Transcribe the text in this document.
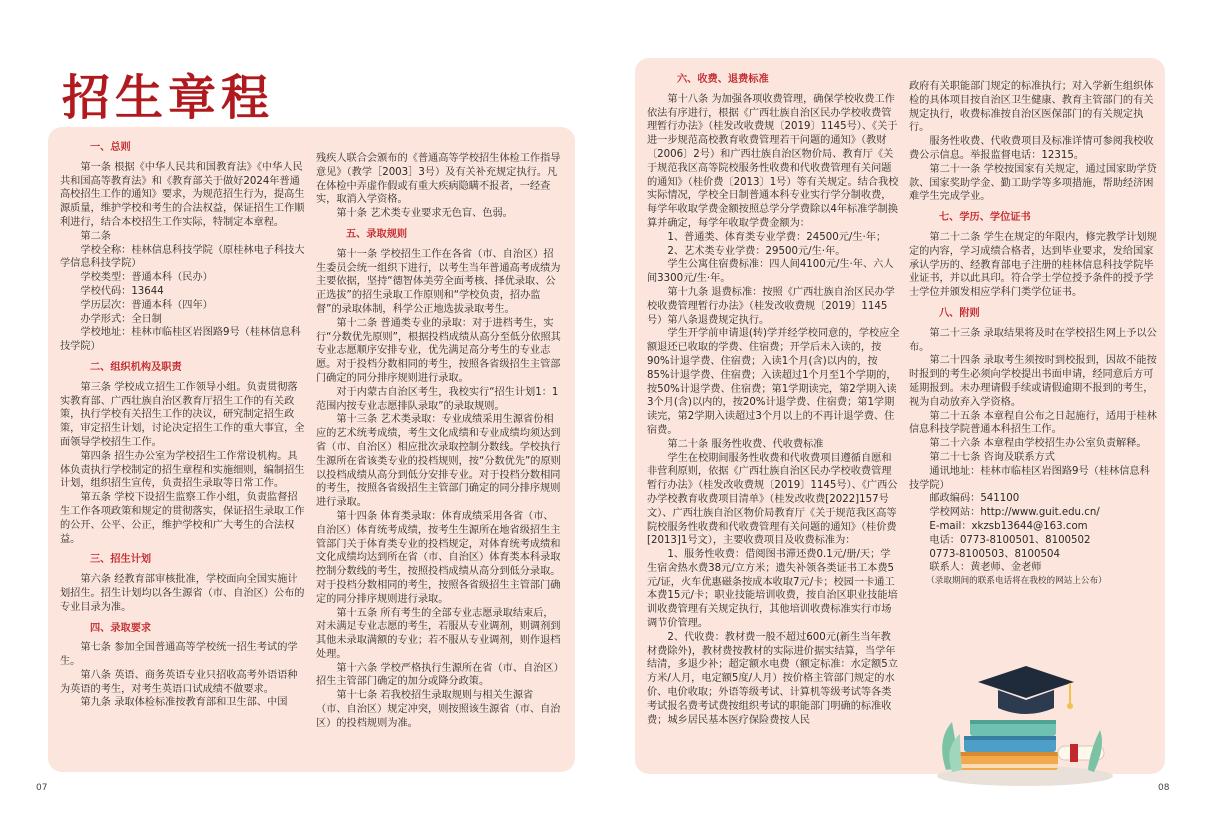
招生章程
一、总则

第一条 根据《中华人民共和国教育法》《中华人民共和国高等教育法》和《教育部关于做好2024年普通高校招生工作的通知》要求，为规范招生行为，提高生源质量，维护学校和考生的合法权益，保证招生工作顺利进行，结合本校招生工作实际，特制定本章程。

第二条

学校全称：桂林信息科技学院（原桂林电子科技大学信息科技学院）

学校类型：普通本科（民办）

学校代码：13644

学历层次：普通本科（四年）

办学形式：全日制

学校地址：桂林市临桂区岩图路9号（桂林信息科技学院）

二、组织机构及职责

第三条 学校成立招生工作领导小组。负责贯彻落实教育部、广西壮族自治区教育厅招生工作的有关政策，执行学校有关招生工作的决议，研究制定招生政策，审定招生计划，讨论决定招生工作的重大事宜，全面领导学校招生工作。

第四条 招生办公室为学校招生工作常设机构。具体负责执行学校制定的招生章程和实施细则，编制招生计划，组织招生宣传，负责招生录取等日常工作。

第五条 学校下设招生监察工作小组，负责监督招生工作各项政策和规定的贯彻落实，保证招生录取工作的公开、公平、公正，维护学校和广大考生的合法权益。

三、招生计划

第六条 经教育部审核批准，学校面向全国实施计划招生。招生计划均以各生源省（市、自治区）公布的专业目录为准。

四、录取要求

第七条 参加全国普通高等学校统一招生考试的学生。

第八条 英语、商务英语专业只招收高考外语语种为英语的考生，对考生英语口试成绩不做要求。

第九条 录取体检标准按教育部和卫生部、中国

残疾人联合会颁布的《普通高等学校招生体检工作指导意见》（教学［2003］3号）及有关补充规定执行。凡在体检中弄虚作假或有重大疾病隐瞒不报者，一经查实，取消入学资格。

第十条 艺术类专业要求无色盲、色弱。

五、录取规则

第十一条 学校招生工作在各省（市、自治区）招生委员会统一组织下进行，以考生当年普通高考成绩为主要依据，坚持“德智体美劳全面考核、择优录取、公正选拔”的招生录取工作原则和“学校负责，招办监督”的录取体制，科学公正地选拔录取考生。

第十二条 普通类专业的录取：对于进档考生，实行“分数优先原则”，根据投档成绩从高分至低分依照其专业志愿顺序安排专业，优先满足高分考生的专业志愿。对于投档分数相同的考生，按照各省级招生主管部门确定的同分排序规则进行录取。

对于内蒙古自治区考生，我校实行“招生计划1：1范围内按专业志愿排队录取”的录取规则。

第十三条 艺术类录取：专业成绩采用生源省份相应的艺术统考成绩，考生文化成绩和专业成绩均须达到省（市、自治区）相应批次录取控制分数线。学校执行生源所在省该类专业的投档规则，按“分数优先”的原则以投档成绩从高分到低分安排专业。对于投档分数相同的考生，按照各省级招生主管部门确定的同分排序规则进行录取。

第十四条 体育类录取：体育成绩采用各省（市、自治区）体育统考成绩，按考生生源所在地省级招生主管部门关于体育类专业的投档规定，对体育统考成绩和文化成绩均达到所在省（市、自治区）体育类本科录取控制分数线的考生，按照投档成绩从高分到低分录取。对于投档分数相同的考生，按照各省级招生主管部门确定的同分排序规则进行录取。

第十五条 所有考生的全部专业志愿录取结束后，对未满足专业志愿的考生，若服从专业调剂，则调剂到其他未录取满额的专业；若不服从专业调剂，则作退档处理。

第十六条 学校严格执行生源所在省（市、自治区）招生主管部门确定的加分或降分政策。

第十七条 若我校招生录取规则与相关生源省（市、自治区）规定冲突，则按照该生源省（市、自治区）的投档规则为准。

07
六、收费、退费标准

第十八条 为加强各项收费管理，确保学校收费工作依法有序进行，根据《广西壮族自治区民办学校收费管理暂行办法》（桂发改收费规〔2019〕1145号）、《关于进一步规范高校教育收费管理若干问题的通知》（教财〔2006〕2号）和广西壮族自治区物价局、教育厅《关于规范我区高等院校服务性收费和代收费管理有关问题的通知》（桂价费〔2013〕1号）等有关规定。结合我校实际情况，学校全日制普通本科专业实行学分制收费，每学年收取学费金额按照总学分学费除以4年标准学制换算并确定，每学年收取学费金额为：

1、普通类、体育类专业学费：24500元/生·年；

2、艺术类专业学费：29500元/生·年。

学生公寓住宿费标准：四人间4100元/生·年、六人间3300元/生·年。

第十九条 退费标准：按照《广西壮族自治区民办学校收费管理暂行办法》（桂发改收费规〔2019〕1145号）第八条退费规定执行。

学生开学前申请退(转)学并经学校同意的，学校应全额退还已收取的学费、住宿费；开学后未入读的，按90%计退学费、住宿费；入读1个月(含)以内的，按85%计退学费、住宿费；入读超过1个月至1个学期的，按50%计退学费、住宿费；第1学期读完，第2学期入读3个月(含)以内的，按20%计退学费、住宿费；第1学期读完，第2学期入读超过3个月以上的不再计退学费、住宿费。

第二十条 服务性收费、代收费标准

学生在校期间服务性收费和代收费项目遵循自愿和非营利原则，依据《广西壮族自治区民办学校收费管理暂行办法》（桂发改收费规〔2019〕1145号）、《广西公办学校教育收费项目清单》（桂发改收费[2022]157号文）、广西壮族自治区物价局教育厅《关于规范我区高等院校服务性收费和代收费管理有关问题的通知》（桂价费[2013]1号文），主要收费项目及收费标准为：

1、服务性收费：借阅图书滞还费0.1元/册/天；学生宿舍热水费38元/立方米；遗失补领各类证书工本费5元/证，火车优惠磁条按成本收取7元/卡；校园一卡通工本费15元/卡；职业技能培训收费，按自治区职业技能培训收费管理有关规定执行，其他培训收费标准实行市场调节价管理。

2、代收费：教材费一般不超过600元(新生当年教材费除外)，教材费按教材的实际进价据实结算，当学年结清，多退少补；超定额水电费（额定标准：水定额5立方米/人月，电定额5度/人月）按价格主管部门规定的水价、电价收取；外语等级考试、计算机等级考试等各类考试报名费考试费按组织考试的职能部门明确的标准收费；城乡居民基本医疗保险费按人民

政府有关职能部门规定的标准执行；对入学新生组织体检的具体项目按自治区卫生健康、教育主管部门的有关规定执行，收费标准按自治区医保部门的有关规定执行。

服务性收费、代收费项目及标准详情可参阅我校收费公示信息。举报监督电话：12315。

第二十一条 学校按国家有关规定，通过国家助学贷款、国家奖助学金、勤工助学等多项措施，帮助经济困难学生完成学业。

七、学历、学位证书

第二十二条 学生在规定的年限内，修完教学计划规定的内容，学习成绩合格者，达到毕业要求，发给国家承认学历的、经教育部电子注册的桂林信息科技学院毕业证书，并以此具印。符合学士学位授予条件的授予学士学位并颁发相应学科门类学位证书。

八、附则

第二十三条 录取结果将及时在学校招生网上予以公布。

第二十四条 录取考生须按时到校报到，因故不能按时报到的考生必须向学校提出书面申请，经同意后方可延期报到。未办理请假手续或请假逾期不报到的考生，视为自动放弃入学资格。

第二十五条 本章程自公布之日起施行，适用于桂林信息科技学院普通本科招生工作。

第二十六条 本章程由学校招生办公室负责解释。

第二十七条 咨询及联系方式

通讯地址：桂林市临桂区岩图路9号（桂林信息科技学院）

邮政编码：541100

学校网站：http://www.guit.edu.cn/

E-mail：xkzsb13644@163.com

电话：0773-8100501、8100502

0773-8100503、8100504

联系人：黄老师、金老师

（录取期间的联系电话将在我校的网站上公布）

08
